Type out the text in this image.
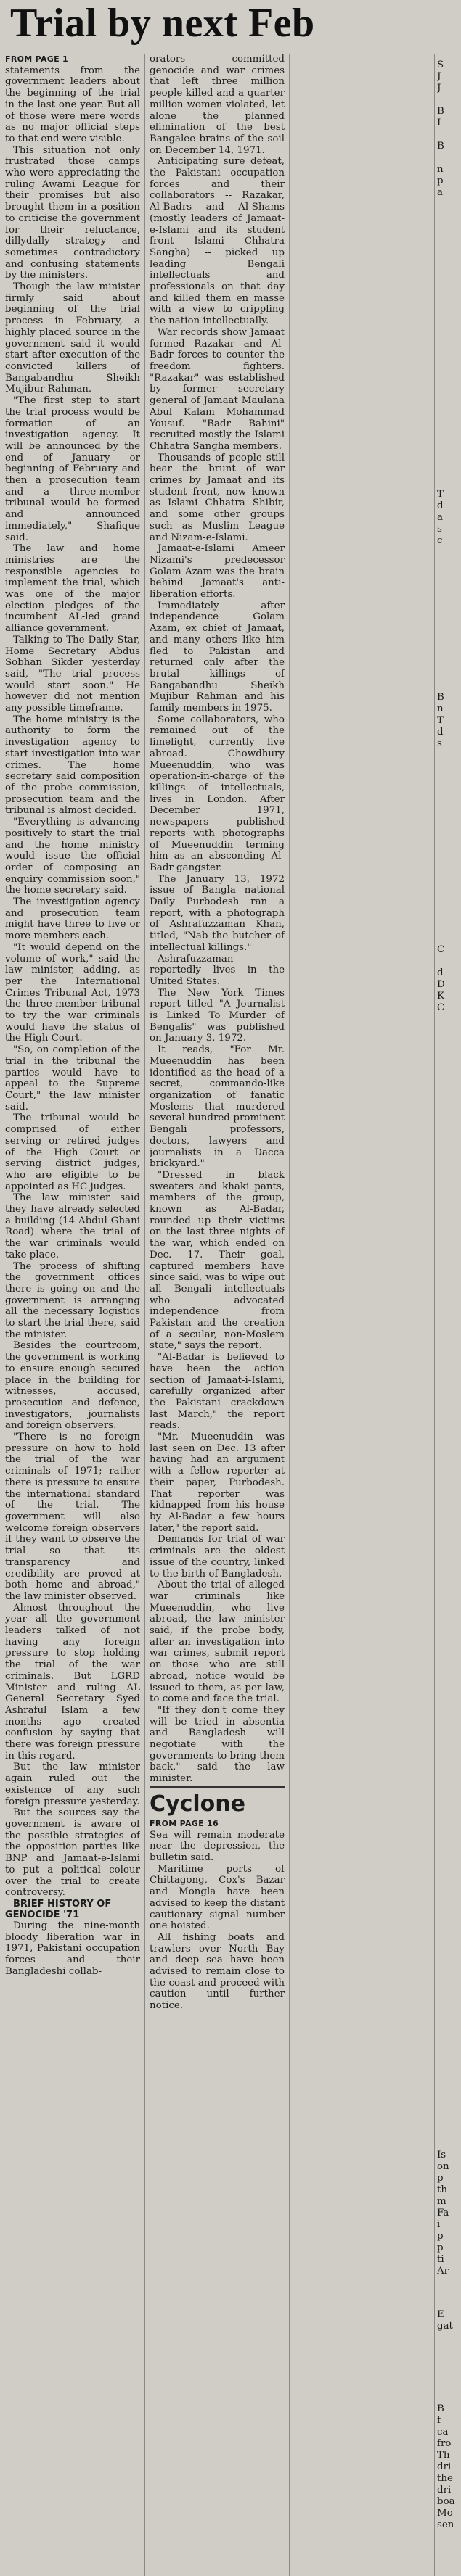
Trial by next Feb

FROM PAGE 1

statements from the government leaders about the beginning of the trial in the last one year. But all of those were mere words as no major official steps to that end were visible.

This situation not only frustrated those camps who were appreciating the ruling Awami League for their promises but also brought them in a position to criticise the government for their reluctance, dillydally strategy and sometimes contradictory and confusing statements by the ministers.

Though the law minister firmly said about beginning of the trial process in February, a highly placed source in the government said it would start after execution of the convicted killers of Bangabandhu Sheikh Mujibur Rahman.

"The first step to start the trial process would be formation of an investigation agency. It will be announced by the end of January or beginning of February and then a prosecution team and a three-member tribunal would be formed and announced immediately," Shafique said.

The law and home ministries are the responsible agencies to implement the trial, which was one of the major election pledges of the incumbent AL-led grand alliance government.

Talking to The Daily Star, Home Secretary Abdus Sobhan Sikder yesterday said, "The trial process would start soon." He however did not mention any possible timeframe.

The home ministry is the authority to form the investigation agency to start investigation into war crimes. The home secretary said composition of the probe commission, prosecution team and the tribunal is almost decided.

"Everything is advancing positively to start the trial and the home ministry would issue the official order of composing an enquiry commission soon," the home secretary said.

The investigation agency and prosecution team might have three to five or more members each.

"It would depend on the volume of work," said the law minister, adding, as per the International Crimes Tribunal Act, 1973 the three-member tribunal to try the war criminals would have the status of the High Court.

"So, on completion of the trial in the tribunal the parties would have to appeal to the Supreme Court," the law minister said.

The tribunal would be comprised of either serving or retired judges of the High Court or serving district judges, who are eligible to be appointed as HC judges.

The law minister said they have already selected a building (14 Abdul Ghani Road) where the trial of the war criminals would take place.

The process of shifting the government offices there is going on and the government is arranging all the necessary logistics to start the trial there, said the minister.

Besides the courtroom, the government is working to ensure enough secured place in the building for witnesses, accused, prosecution and defence, investigators, journalists and foreign observers.

"There is no foreign pressure on how to hold the trial of the war criminals of 1971; rather there is pressure to ensure the international standard of the trial. The government will also welcome foreign observers if they want to observe the trial so that its transparency and credibility are proved at both home and abroad," the law minister observed.

Almost throughout the year all the government leaders talked of not having any foreign pressure to stop holding the trial of the war criminals. But LGRD Minister and ruling AL General Secretary Syed Ashraful Islam a few months ago created confusion by saying that there was foreign pressure in this regard.

But the law minister again ruled out the existence of any such foreign pressure yesterday.

But the sources say the government is aware of the possible strategies of the opposition parties like BNP and Jamaat-e-Islami to put a political colour over the trial to create controversy.

BRIEF HISTORY OF GENOCIDE '71

During the nine-month bloody liberation war in 1971, Pakistani occupation forces and their Bangladeshi collab-

orators committed genocide and war crimes that left three million people killed and a quarter million women violated, let alone the planned elimination of the best Bangalee brains of the soil on December 14, 1971.

Anticipating sure defeat, the Pakistani occupation forces and their collaborators -- Razakar, Al-Badrs and Al-Shams (mostly leaders of Jamaat-e-Islami and its student front Islami Chhatra Sangha) -- picked up leading Bengali intellectuals and professionals on that day and killed them en masse with a view to crippling the nation intellectually.

War records show Jamaat formed Razakar and Al-Badr forces to counter the freedom fighters. "Razakar" was established by former secretary general of Jamaat Maulana Abul Kalam Mohammad Yousuf. "Badr Bahini" recruited mostly the Islami Chhatra Sangha members.

Thousands of people still bear the brunt of war crimes by Jamaat and its student front, now known as Islami Chhatra Shibir, and some other groups such as Muslim League and Nizam-e-Islami.

Jamaat-e-Islami Ameer Nizami's predecessor Golam Azam was the brain behind Jamaat's anti-liberation efforts.

Immediately after independence Golam Azam, ex chief of Jamaat, and many others like him fled to Pakistan and returned only after the brutal killings of Bangabandhu Sheikh Mujibur Rahman and his family members in 1975.

Some collaborators, who remained out of the limelight, currently live abroad. Chowdhury Mueenuddin, who was operation-in-charge of the killings of intellectuals, lives in London. After December 1971, newspapers published reports with photographs of Mueenuddin terming him as an absconding Al-Badr gangster.

The January 13, 1972 issue of Bangla national Daily Purbodesh ran a report, with a photograph of Ashrafuzzaman Khan, titled, "Nab the butcher of intellectual killings."

Ashrafuzzaman reportedly lives in the United States.

The New York Times report titled "A Journalist is Linked To Murder of Bengalis" was published on January 3, 1972.

It reads, "For Mr. Mueenuddin has been identified as the head of a secret, commando-like organization of fanatic Moslems that murdered several hundred prominent Bengali professors, doctors, lawyers and journalists in a Dacca brickyard."

"Dressed in black sweaters and khaki pants, members of the group, known as Al-Badar, rounded up their victims on the last three nights of the war, which ended on Dec. 17. Their goal, captured members have since said, was to wipe out all Bengali intellectuals who advocated independence from Pakistan and the creation of a secular, non-Moslem state," says the report.

"Al-Badar is believed to have been the action section of Jamaat-i-Islami, carefully organized after the Pakistani crackdown last March," the report reads.

"Mr. Mueenuddin was last seen on Dec. 13 after having had an argument with a fellow reporter at their paper, Purbodesh. That reporter was kidnapped from his house by Al-Badar a few hours later," the report said.

Demands for trial of war criminals are the oldest issue of the country, linked to the birth of Bangladesh.

About the trial of alleged war criminals like Mueenuddin, who live abroad, the law minister said, if the probe body, after an investigation into war crimes, submit report on those who are still abroad, notice would be issued to them, as per law, to come and face the trial.

"If they don't come they will be tried in absentia and Bangladesh will negotiate with the governments to bring them back," said the law minister.

Cyclone

FROM PAGE 16

Sea will remain moderate near the depression, the bulletin said.

Maritime ports of Chittagong, Cox's Bazar and Mongla have been advised to keep the distant cautionary signal number one hoisted.

All fishing boats and trawlers over North Bay and deep sea have been advised to remain close to the coast and proceed with caution until further notice.

S
J
J
B
I
B
n
p
a
T
d
a
s
c
B
n
T
d
s
C
d
D
K
C
Is
on
p
th
m
Fa
i
p
p
ti
Ar
E
gat
B
f
ca
fro
Th
dri
the
dri
boa
Mo
sen
